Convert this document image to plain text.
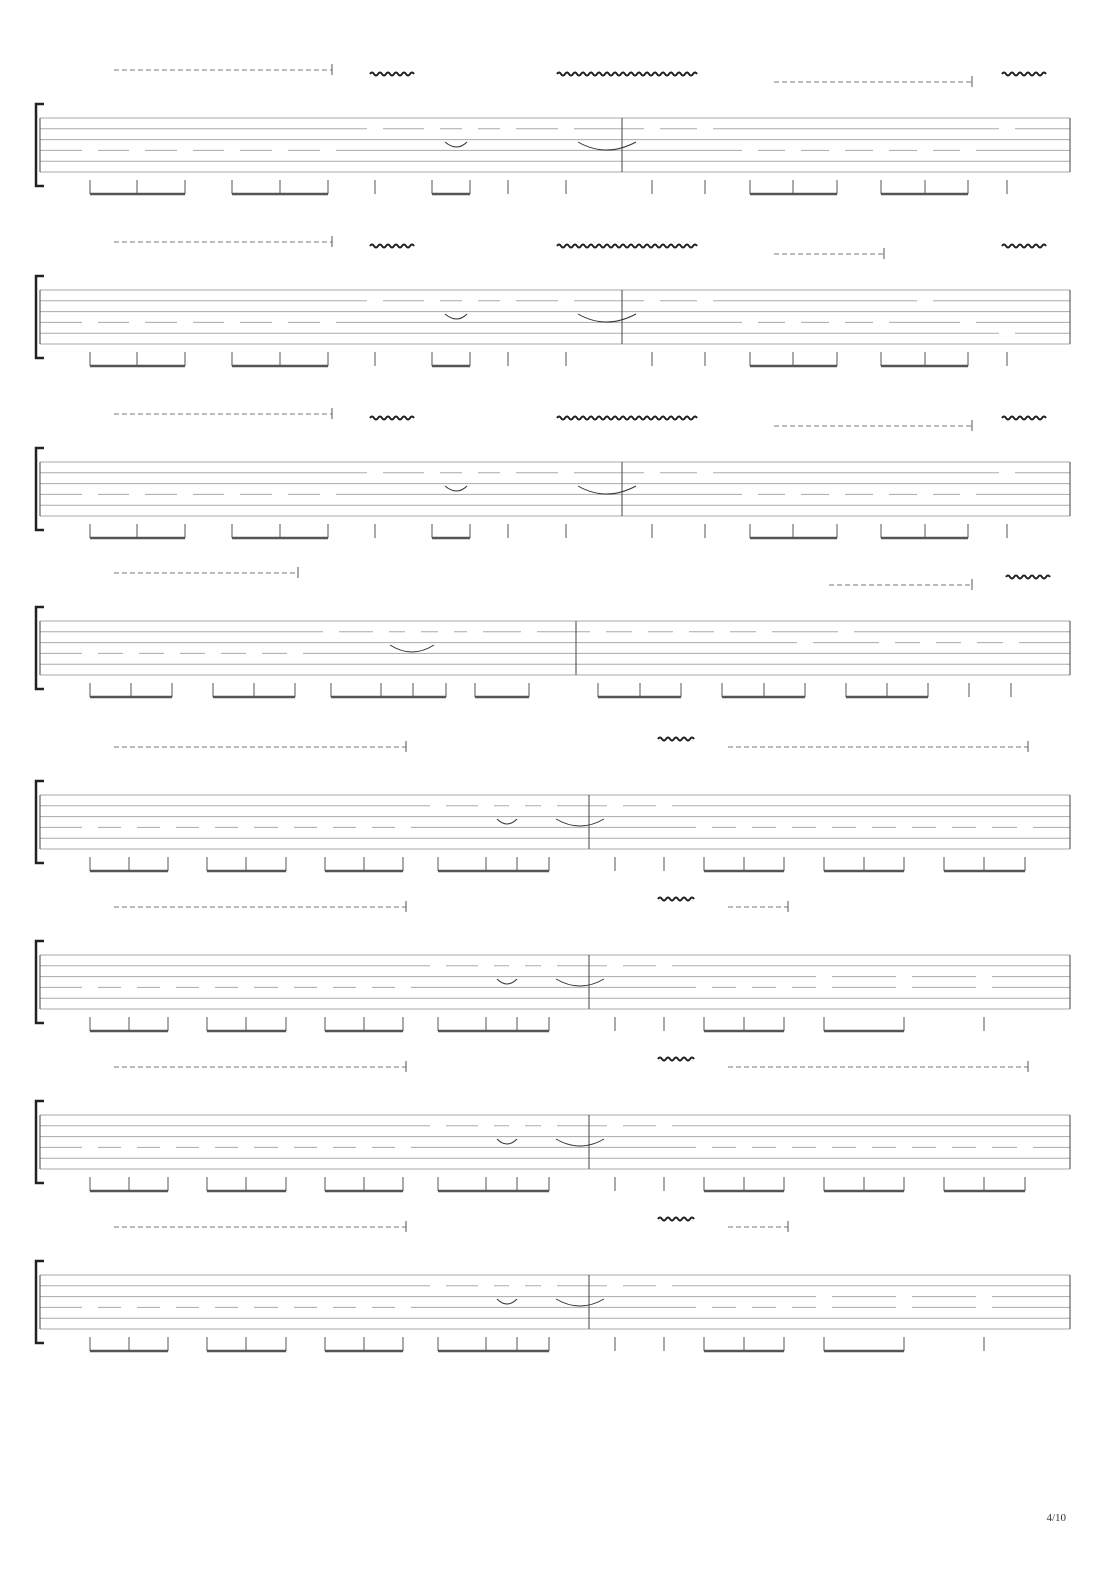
4/10
